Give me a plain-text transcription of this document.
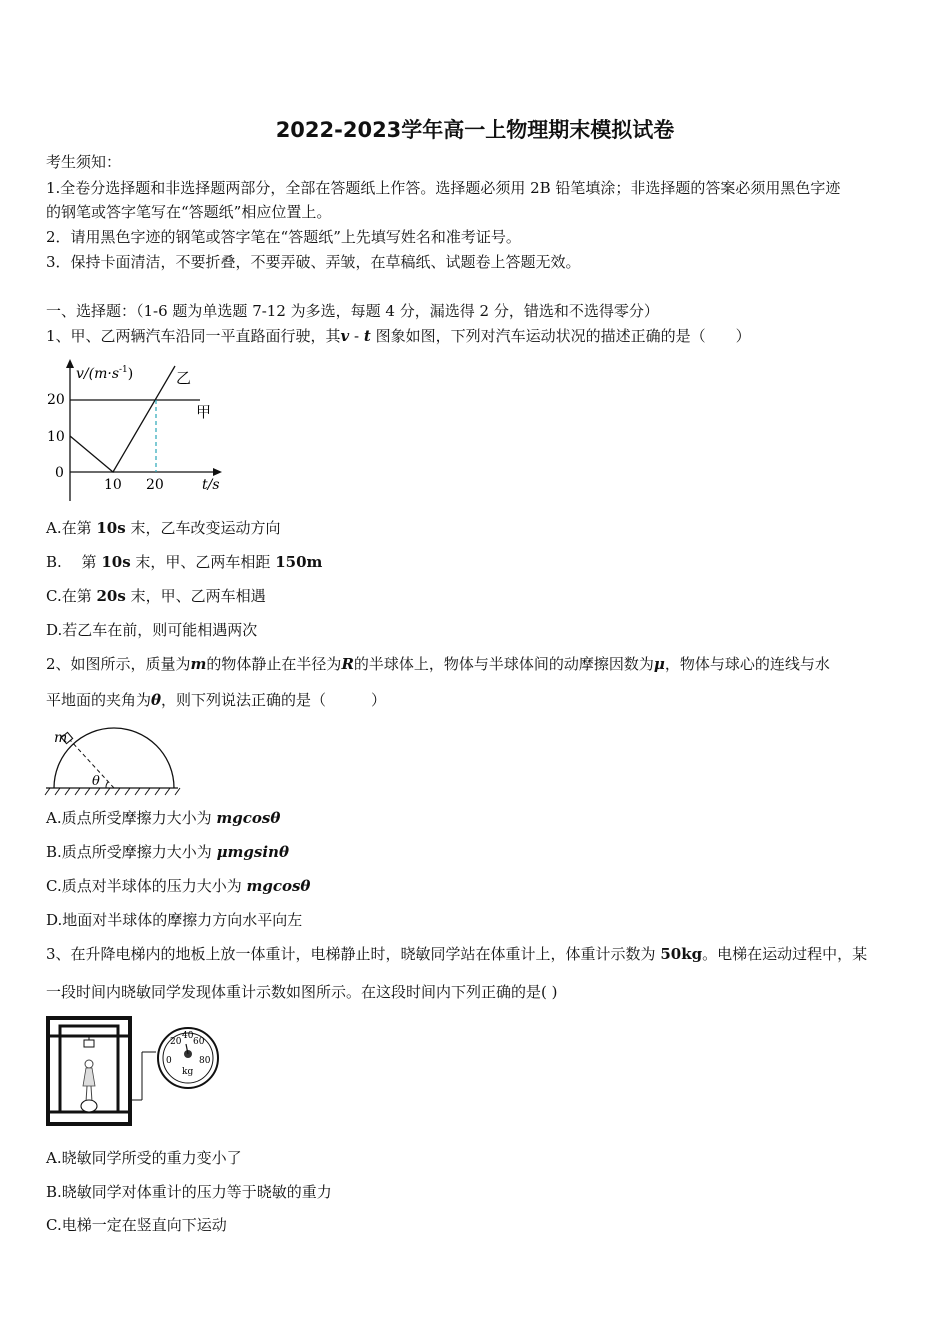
2022-2023学年高一上物理期末模拟试卷
考生须知：
1.全卷分选择题和非选择题两部分，全部在答题纸上作答。选择题必须用 2B 铅笔填涂；非选择题的答案必须用黑色字迹
的钢笔或答字笔写在“答题纸”相应位置上。
2．请用黑色字迹的钢笔或答字笔在“答题纸”上先填写姓名和准考证号。
3．保持卡面清洁，不要折叠，不要弄破、弄皱，在草稿纸、试题卷上答题无效。
一、选择题：（1-6 题为单选题 7-12 为多选，每题 4 分，漏选得 2 分，错选和不选得零分）
1、甲、乙两辆汽车沿同一平直路面行驶，其v - t 图象如图，下列对汽车运动状况的描述正确的是（　　）
$v/(m\cdot s^{-1})$
20
10
0
10 20	t/s
乙
甲
A.在第 10s 末，乙车改变运动方向
B.　 第 10s 末，甲、乙两车相距 150m
C.在第 20s 末，甲、乙两车相遇
D.若乙车在前，则可能相遇两次
2、如图所示，质量为m的物体静止在半径为R的半球体上，物体与半球体间的动摩擦因数为μ，物体与球心的连线与水
平地面的夹角为θ，则下列说法正确的是（　　　）
m
θ
A.质点所受摩擦力大小为 mgcosθ
B.质点所受摩擦力大小为 μmgsinθ
C.质点对半球体的压力大小为 mgcosθ
D.地面对半球体的摩擦力方向水平向左
3、在升降电梯内的地板上放一体重计，电梯静止时，晓敏同学站在体重计上，体重计示数为 50kg。电梯在运动过程中，某
一段时间内晓敏同学发现体重计示数如图所示。在这段时间内下列正确的是( )
0
20
40
60
80
kg
A.晓敏同学所受的重力变小了
B.晓敏同学对体重计的压力等于晓敏的重力
C.电梯一定在竖直向下运动
